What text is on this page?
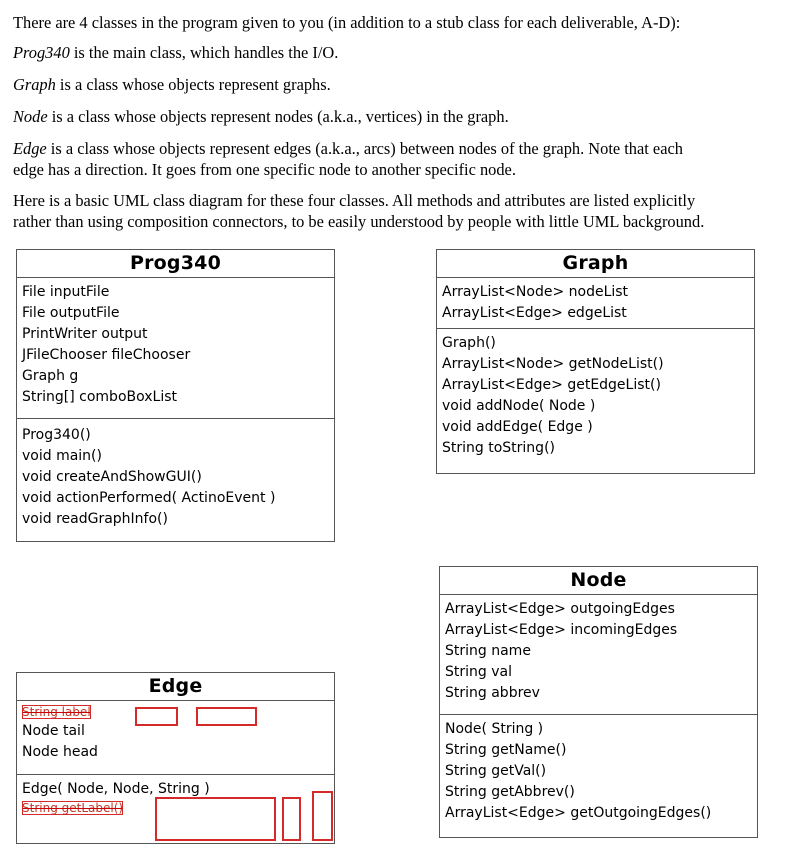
There are 4 classes in the program given to you (in addition to a stub class for each deliverable, A-D):

Prog340 is the main class, which handles the I/O.

Graph is a class whose objects represent graphs.

Node is a class whose objects represent nodes (a.k.a., vertices) in the graph.

Edge is a class whose objects represent edges (a.k.a., arcs) between nodes of the graph. Note that each
edge has a direction. It goes from one specific node to another specific node.

Here is a basic UML class diagram for these four classes. All methods and attributes are listed explicitly
rather than using composition connectors, to be easily understood by people with little UML background.

Prog340
File inputFile
File outputFile
PrintWriter output
JFileChooser fileChooser
Graph g
String[] comboBoxList
Prog340()
void main()
void createAndShowGUI()
void actionPerformed( ActinoEvent )
void readGraphInfo()
Graph
ArrayList<Node> nodeList
ArrayList<Edge> edgeList
Graph()
ArrayList<Node> getNodeList()
ArrayList<Edge> getEdgeList()
void addNode( Node )
void addEdge( Edge )
String toString()
Node
ArrayList<Edge> outgoingEdges
ArrayList<Edge> incomingEdges
String name
String val
String abbrev
Node( String )
String getName()
String getVal()
String getAbbrev()
ArrayList<Edge> getOutgoingEdges()
Edge
String label
Node tail
Node head
Edge( Node, Node, String )
String getLabel()
